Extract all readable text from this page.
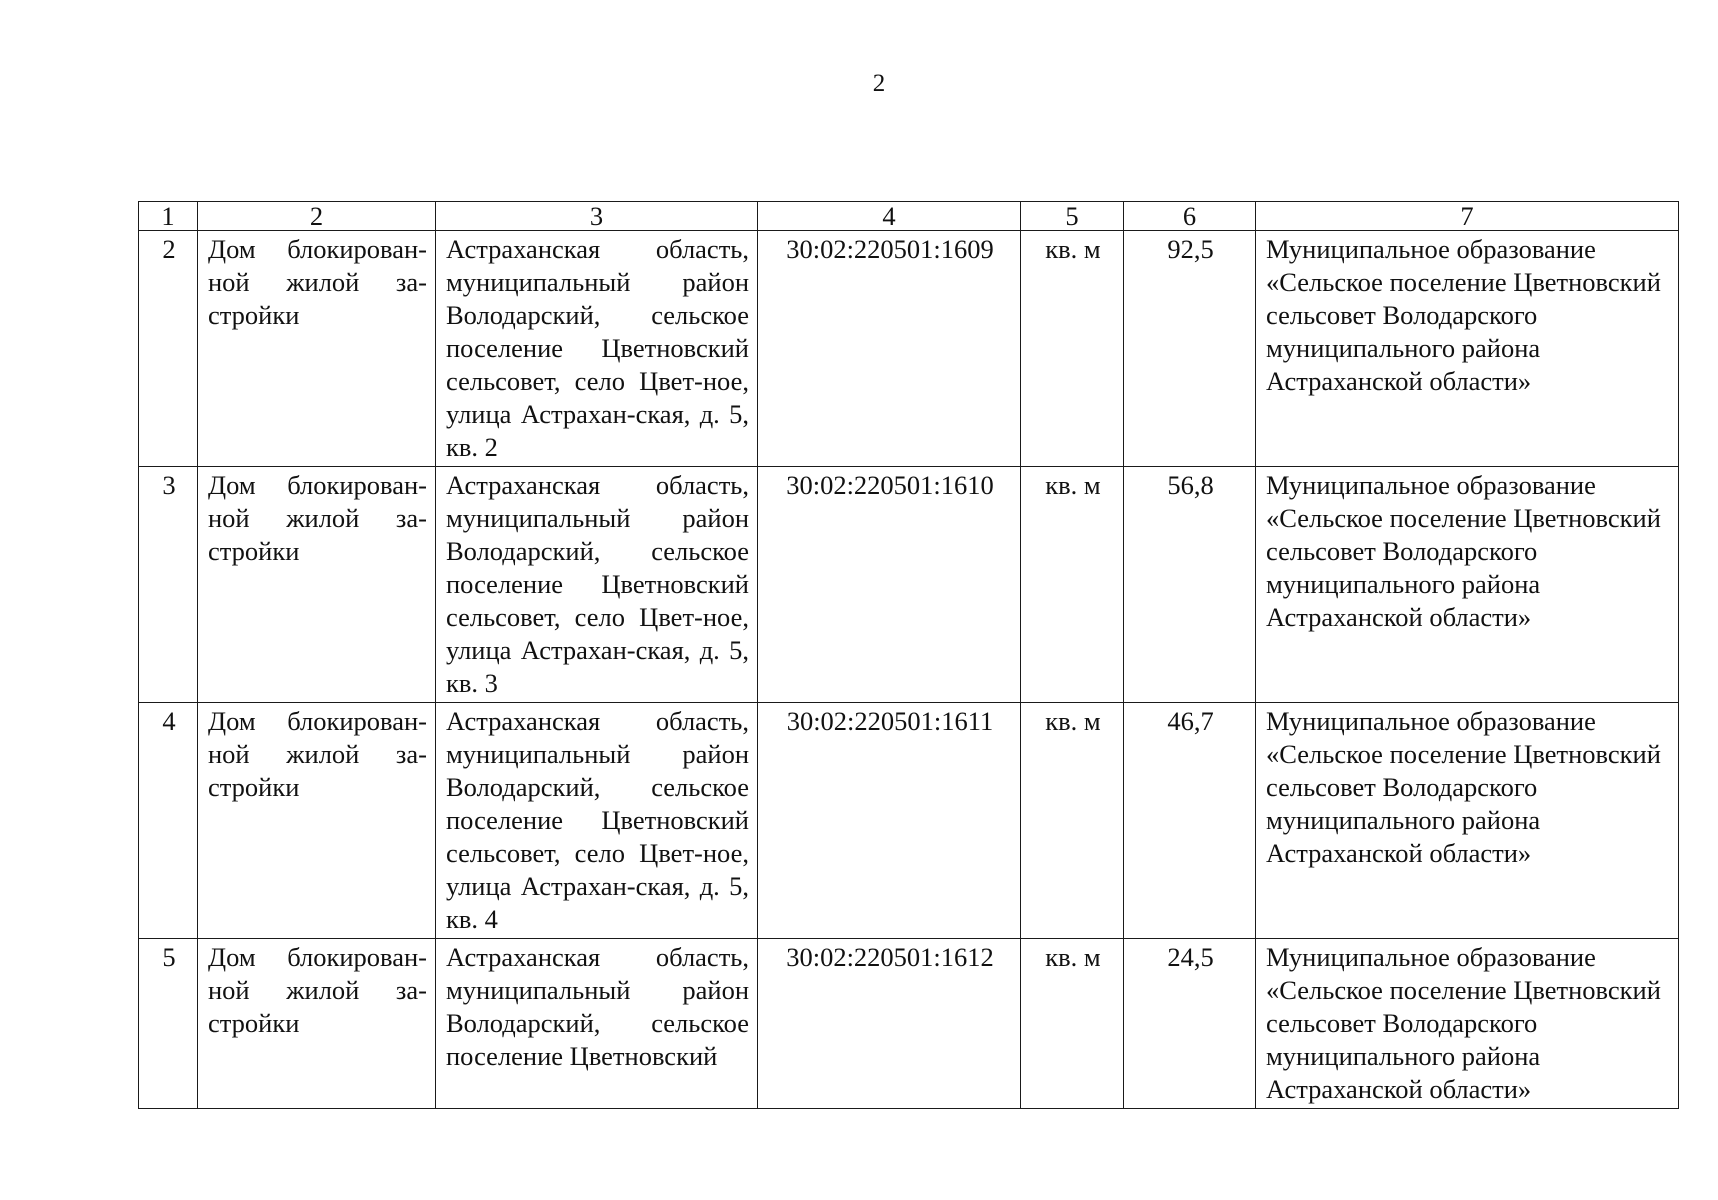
2
1	2	3	4	5	6	7
2	Дом блокирован-ной жилой за-стройки	Астраханская область, муниципальный район Володарский, сельское поселение Цветновский сельсовет, село Цвет-ное, улица Астрахан-ская, д. 5, кв. 2	30:02:220501:1609	кв. м	92,5	Муниципальное образование «Сельское поселение Цветновский сельсовет Володарского муниципального района Астраханской области»
3	Дом блокирован-ной жилой за-стройки	Астраханская область, муниципальный район Володарский, сельское поселение Цветновский сельсовет, село Цвет-ное, улица Астрахан-ская, д. 5, кв. 3	30:02:220501:1610	кв. м	56,8	Муниципальное образование «Сельское поселение Цветновский сельсовет Володарского муниципального района Астраханской области»
4	Дом блокирован-ной жилой за-стройки	Астраханская область, муниципальный район Володарский, сельское поселение Цветновский сельсовет, село Цвет-ное, улица Астрахан-ская, д. 5, кв. 4	30:02:220501:1611	кв. м	46,7	Муниципальное образование «Сельское поселение Цветновский сельсовет Володарского муниципального района Астраханской области»
5	Дом блокирован-ной жилой за-стройки	Астраханская область, муниципальный район Володарский, сельское поселение Цветновский	30:02:220501:1612	кв. м	24,5	Муниципальное образование «Сельское поселение Цветновский сельсовет Володарского муниципального района Астраханской области»
